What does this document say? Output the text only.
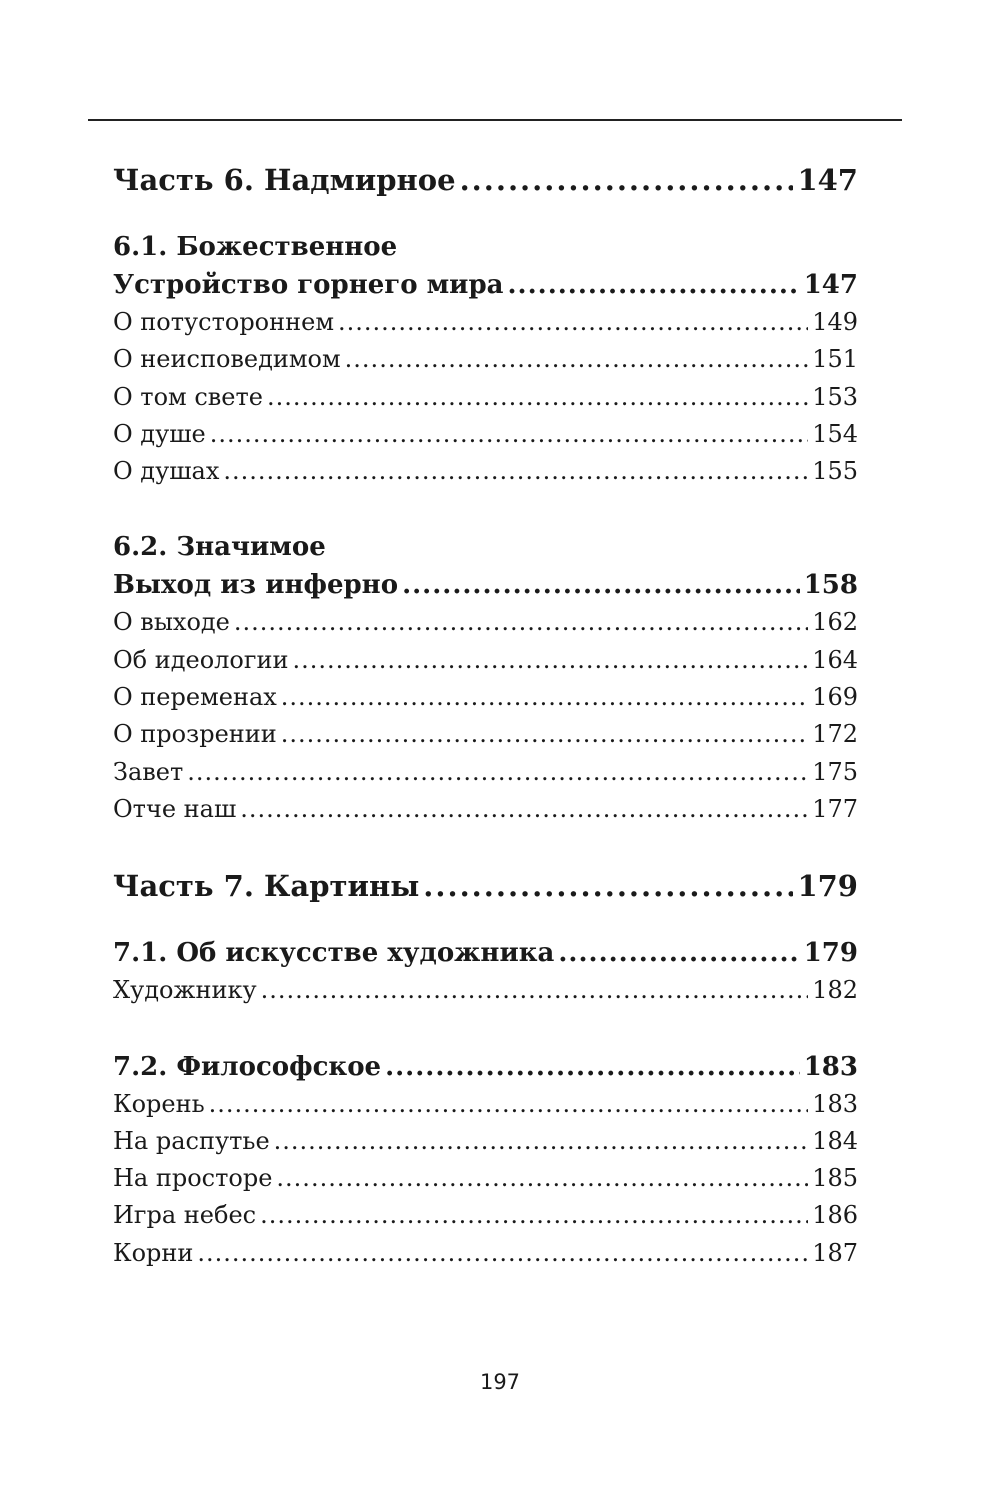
Часть 6. Надмирное .....	147
6.1. Божественное
Устройство горнего мира .....	147
О потустороннем .....	149
О неисповедимом .....	151
О том свете .....	153
О душе .....	154
О душах .....	155
6.2. Значимое
Выход из инферно .....	158
О выходе .....	162
Об идеологии .....	164
О переменах .....	169
О прозрении .....	172
Завет .....	175
Отче наш .....	177
Часть 7. Картины .....	179
7.1. Об искусстве художника .....	179
Художнику .....	182
7.2. Философское .....	183
Корень .....	183
На распутье .....	184
На просторе .....	185
Игра небес .....	186
Корни .....	187
197
